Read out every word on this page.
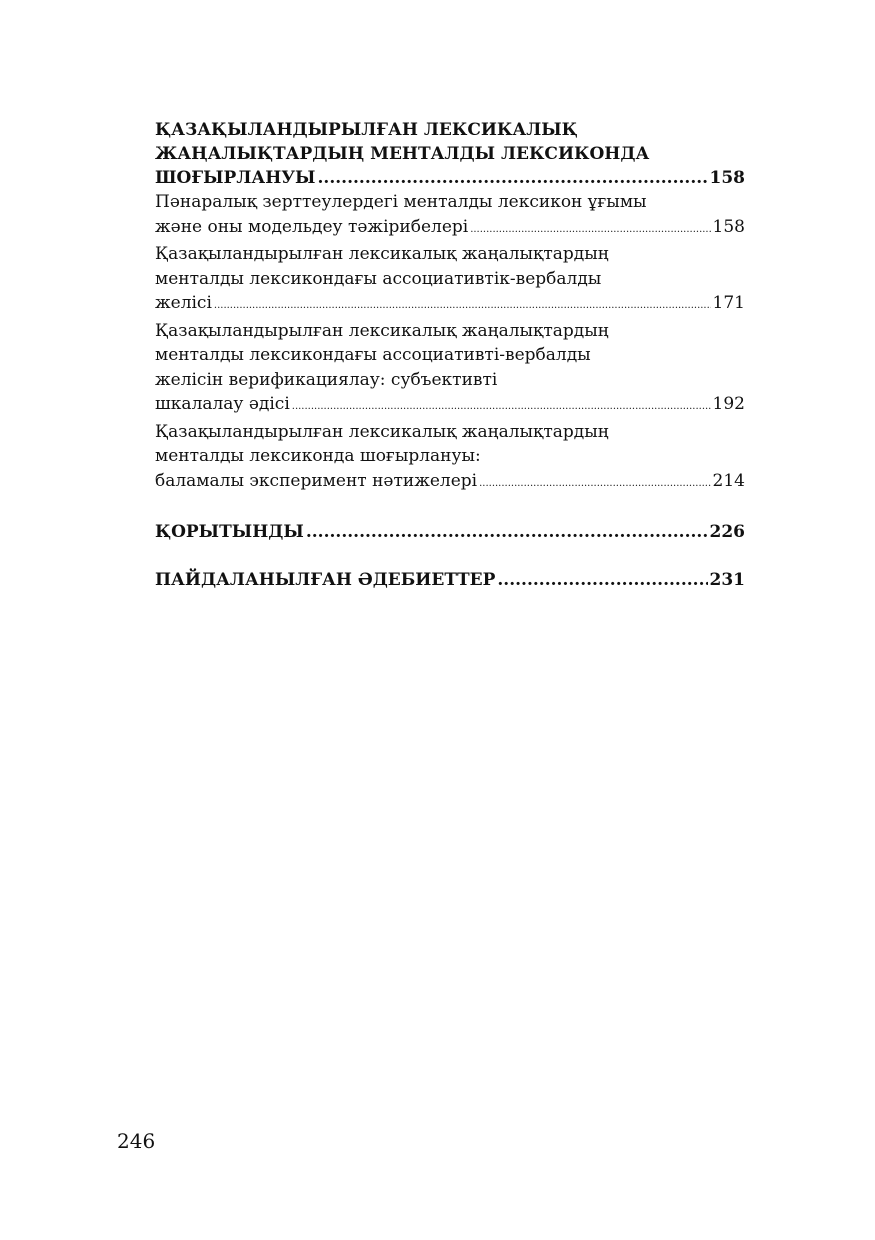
ҚАЗАҚЫЛАНДЫРЫЛҒАН ЛЕКСИКАЛЫҚ
ЖАҢАЛЫҚТАРДЫҢ МЕНТАЛДЫ ЛЕКСИКОНДА
ШОҒЫРЛАНУЫ .....	158
Пәнаралық зерттеулердегі менталды лексикон ұғымы
және оны модельдеу тәжірибелері .....	158
Қазақыландырылған лексикалық жаңалықтардың
менталды лексикондағы ассоциативтік-вербалды
желісі .....	171
Қазақыландырылған лексикалық жаңалықтардың
менталды лексикондағы ассоциативті-вербалды
желісін верификациялау: субъективті
шкалалау әдісі .....	192
Қазақыландырылған лексикалық жаңалықтардың
менталды лексиконда шоғырлануы:
баламалы эксперимент нәтижелері .....	214
ҚОРЫТЫНДЫ .....	226
ПАЙДАЛАНЫЛҒАН ӘДЕБИЕТТЕР .....	231
246
